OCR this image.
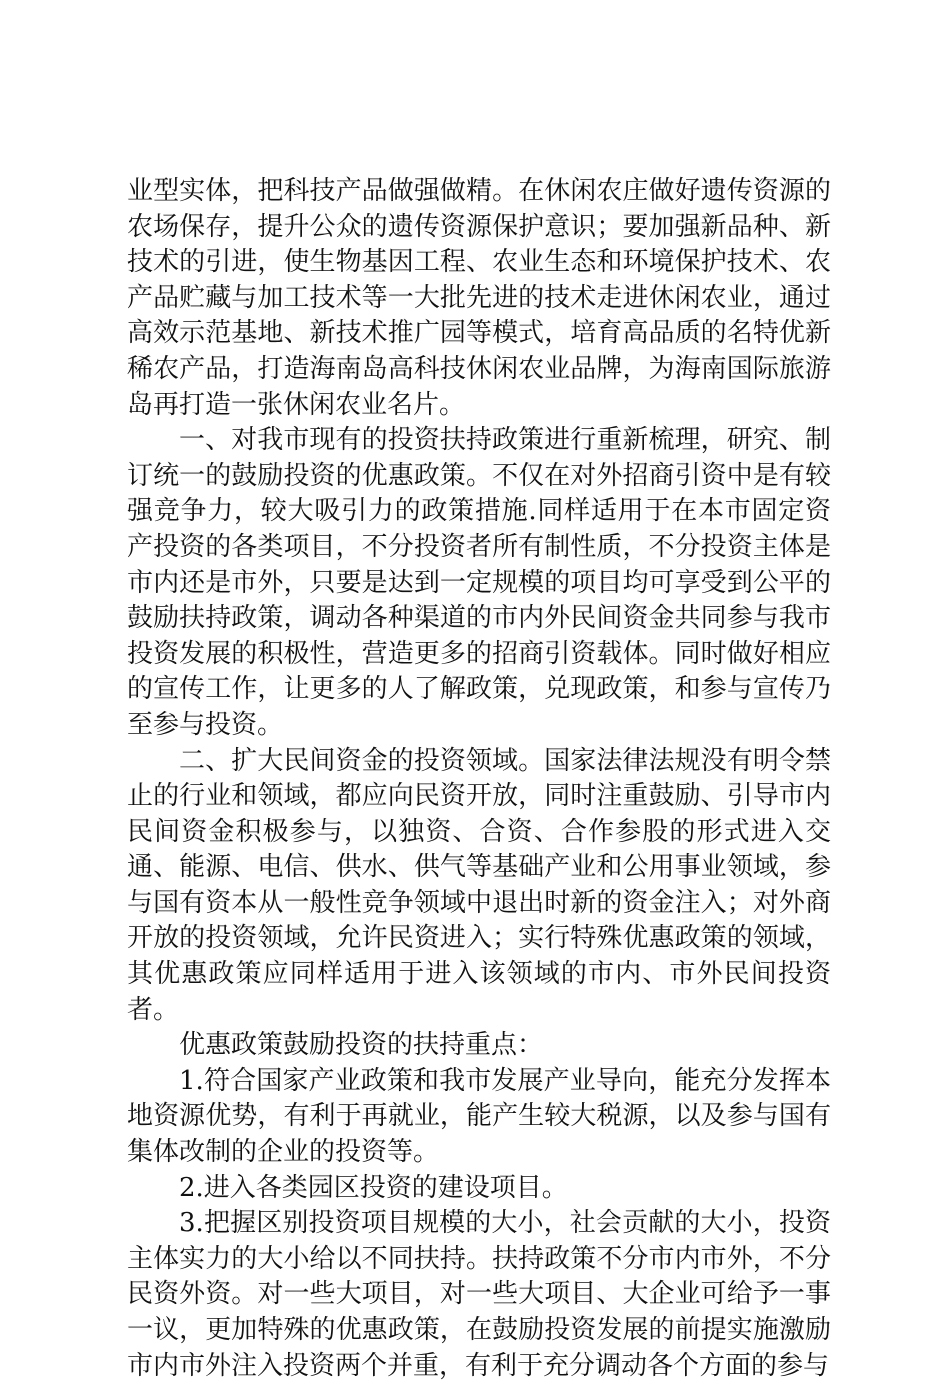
业型实体，把科技产品做强做精。在休闲农庄做好遗传资源的农场保存，提升公众的遗传资源保护意识；要加强新品种、新技术的引进，使生物基因工程、农业生态和环境保护技术、农产品贮藏与加工技术等一大批先进的技术走进休闲农业，通过高效示范基地、新技术推广园等模式，培育高品质的名特优新稀农产品，打造海南岛高科技休闲农业品牌，为海南国际旅游岛再打造一张休闲农业名片。

一、对我市现有的投资扶持政策进行重新梳理，研究、制订统一的鼓励投资的优惠政策。不仅在对外招商引资中是有较强竞争力，较大吸引力的政策措施.同样适用于在本市固定资产投资的各类项目，不分投资者所有制性质，不分投资主体是市内还是市外，只要是达到一定规模的项目均可享受到公平的鼓励扶持政策，调动各种渠道的市内外民间资金共同参与我市投资发展的积极性，营造更多的招商引资载体。同时做好相应的宣传工作，让更多的人了解政策，兑现政策，和参与宣传乃至参与投资。

二、扩大民间资金的投资领域。国家法律法规没有明令禁止的行业和领域，都应向民资开放，同时注重鼓励、引导市内民间资金积极参与，以独资、合资、合作参股的形式进入交通、能源、电信、供水、供气等基础产业和公用事业领域，参与国有资本从一般性竞争领域中退出时新的资金注入；对外商开放的投资领域，允许民资进入；实行特殊优惠政策的领域，其优惠政策应同样适用于进入该领域的市内、市外民间投资者。

优惠政策鼓励投资的扶持重点：

1.符合国家产业政策和我市发展产业导向，能充分发挥本地资源优势，有利于再就业，能产生较大税源，以及参与国有集体改制的企业的投资等。

2.进入各类园区投资的建设项目。

3.把握区别投资项目规模的大小，社会贡献的大小，投资主体实力的大小给以不同扶持。扶持政策不分市内市外，不分民资外资。对一些大项目，对一些大项目、大企业可给予一事一议，更加特殊的优惠政策，在鼓励投资发展的前提实施激励市内市外注入投资两个并重，有利于充分调动各个方面的参与
